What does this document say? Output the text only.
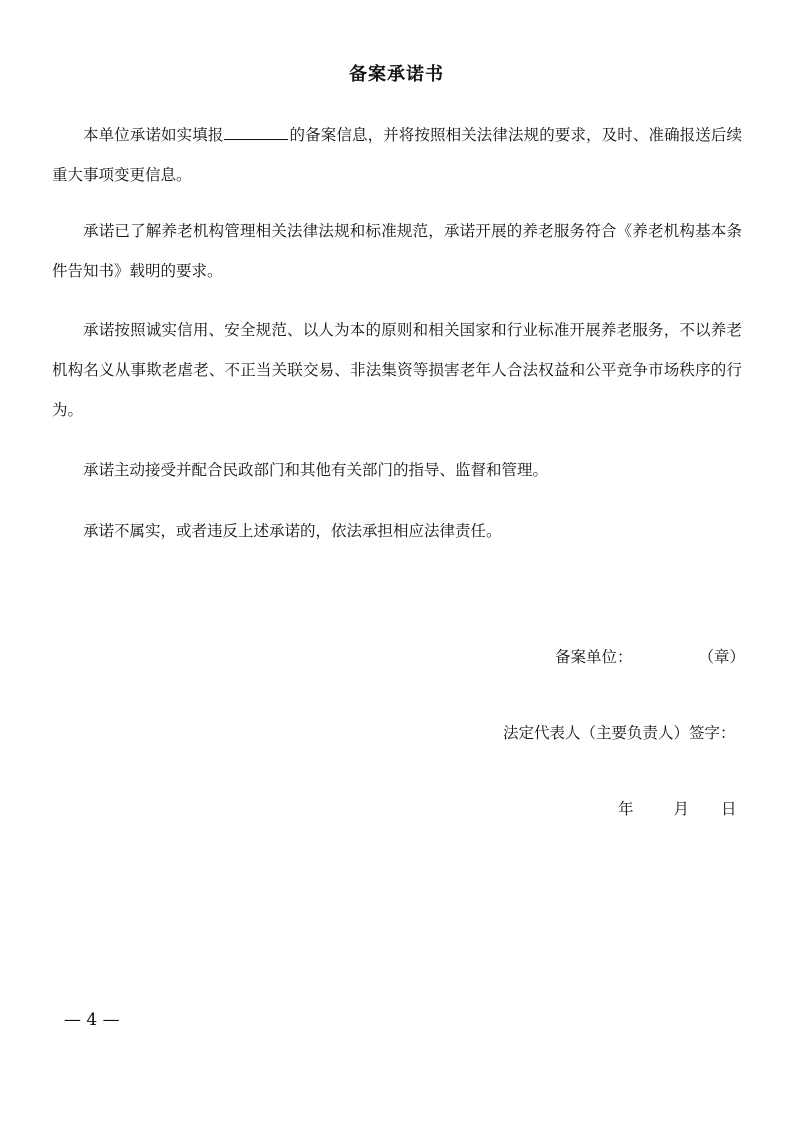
备案承诺书

本单位承诺如实填报	的备案信息，并将按照相关法律法规的要求，及时、准确报送后续重大事项变更信息。

承诺已了解养老机构管理相关法律法规和标准规范，承诺开展的养老服务符合《养老机构基本条件告知书》载明的要求。

承诺按照诚实信用、安全规范、以人为本的原则和相关国家和行业标准开展养老服务，不以养老机构名义从事欺老虐老、不正当关联交易、非法集资等损害老年人合法权益和公平竞争市场秩序的行为。

承诺主动接受并配合民政部门和其他有关部门的指导、监督和管理。

承诺不属实，或者违反上述承诺的，依法承担相应法律责任。

备案单位：	（章）
法定代表人（主要负责人）签字：
年	月 日
— 4 —
